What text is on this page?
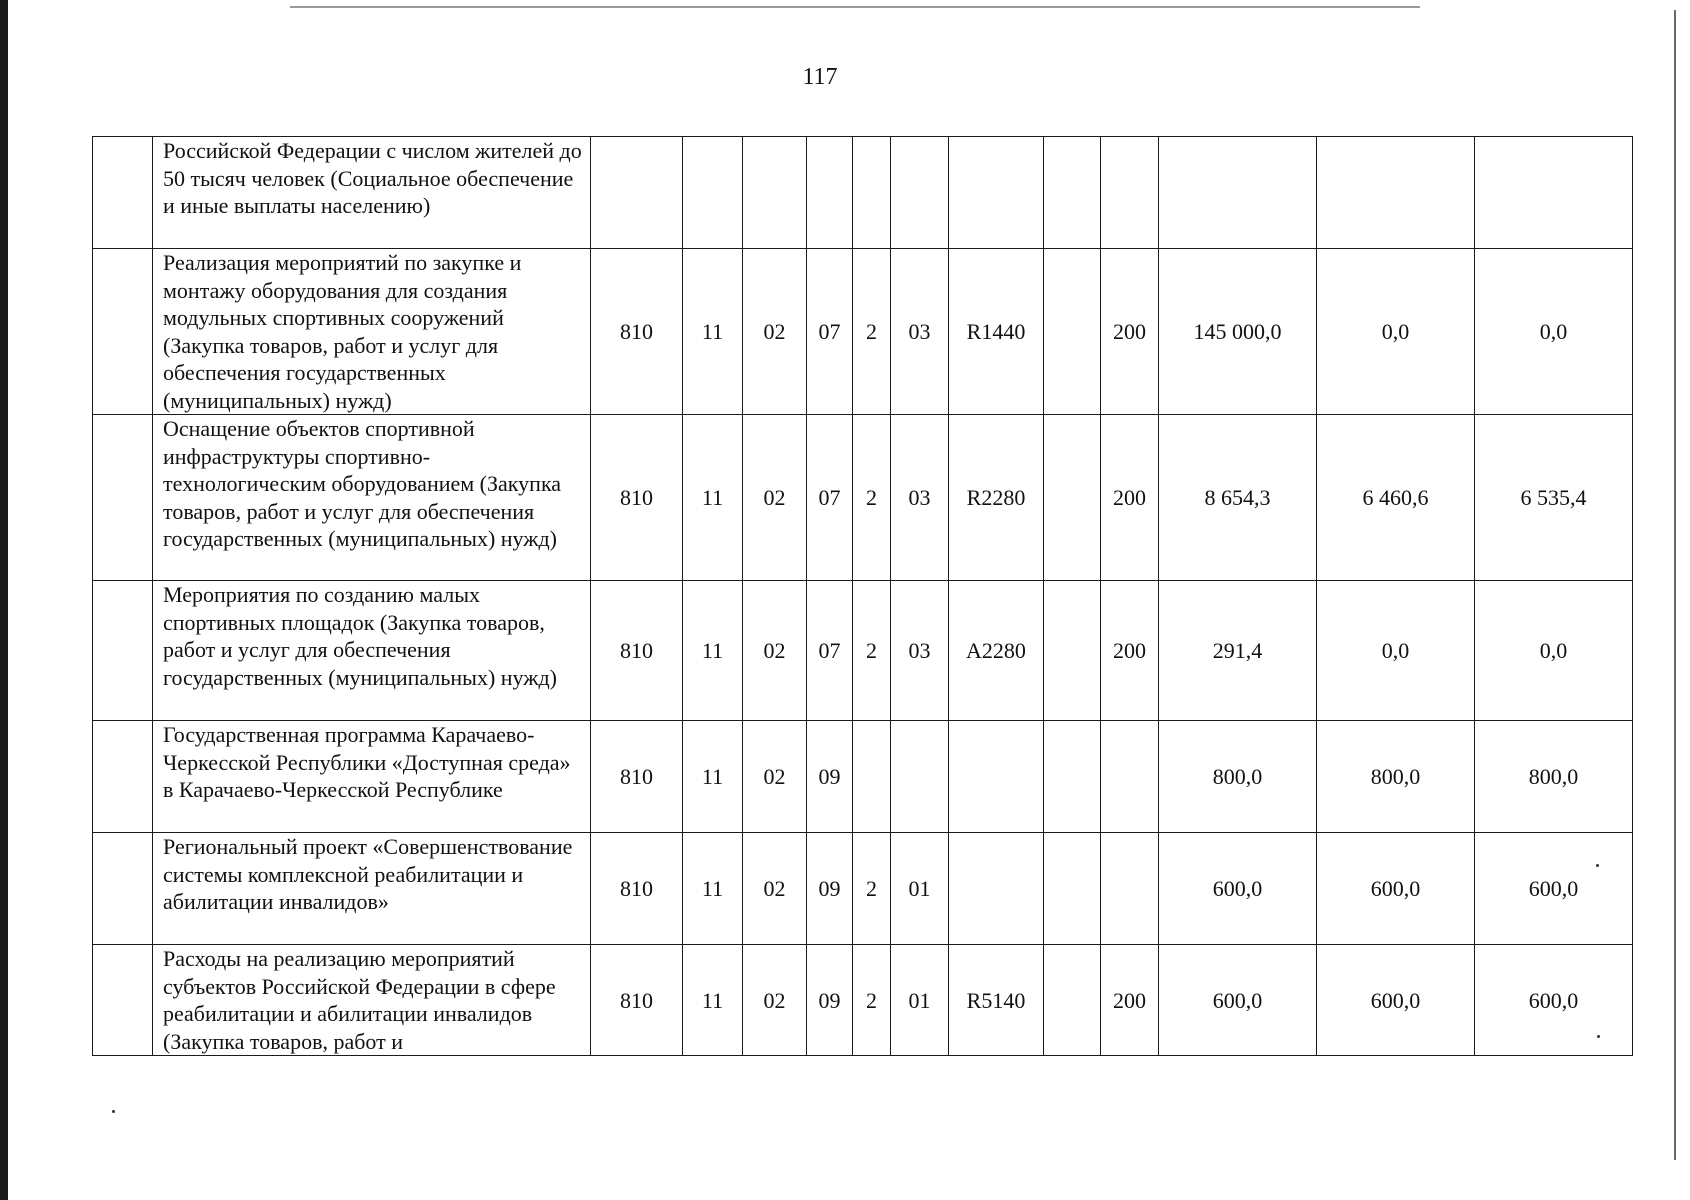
117
	Российской Федерации с числом жителей до 50 тысяч человек (Социальное обеспечение и иные выплаты населению)												
	Реализация мероприятий по закупке и монтажу оборудования для создания модульных спортивных сооружений (Закупка товаров, работ и услуг для обеспечения государственных (муниципальных) нужд)	810	11	02	07	2	03	R1440		200	145 000,0	0,0	0,0
	Оснащение объектов спортивной инфраструктуры спортивно-технологическим оборудованием (Закупка товаров, работ и услуг для обеспечения государственных (муниципальных) нужд)	810	11	02	07	2	03	R2280		200	8 654,3	6 460,6	6 535,4
	Мероприятия по созданию малых спортивных площадок (Закупка товаров, работ и услуг для обеспечения государственных (муниципальных) нужд)	810	11	02	07	2	03	А2280		200	291,4	0,0	0,0
	Государственная программа Карачаево-Черкесской Республики «Доступная среда» в Карачаево-Черкесской Республике	810	11	02	09						800,0	800,0	800,0
	Региональный проект «Совершенствование системы комплексной реабилитации и абилитации инвалидов»	810	11	02	09	2	01				600,0	600,0	600,0
	Расходы на реализацию мероприятий субъектов Российской Федерации в сфере реабилитации и абилитации инвалидов (Закупка товаров, работ и	810	11	02	09	2	01	R5140		200	600,0	600,0	600,0
